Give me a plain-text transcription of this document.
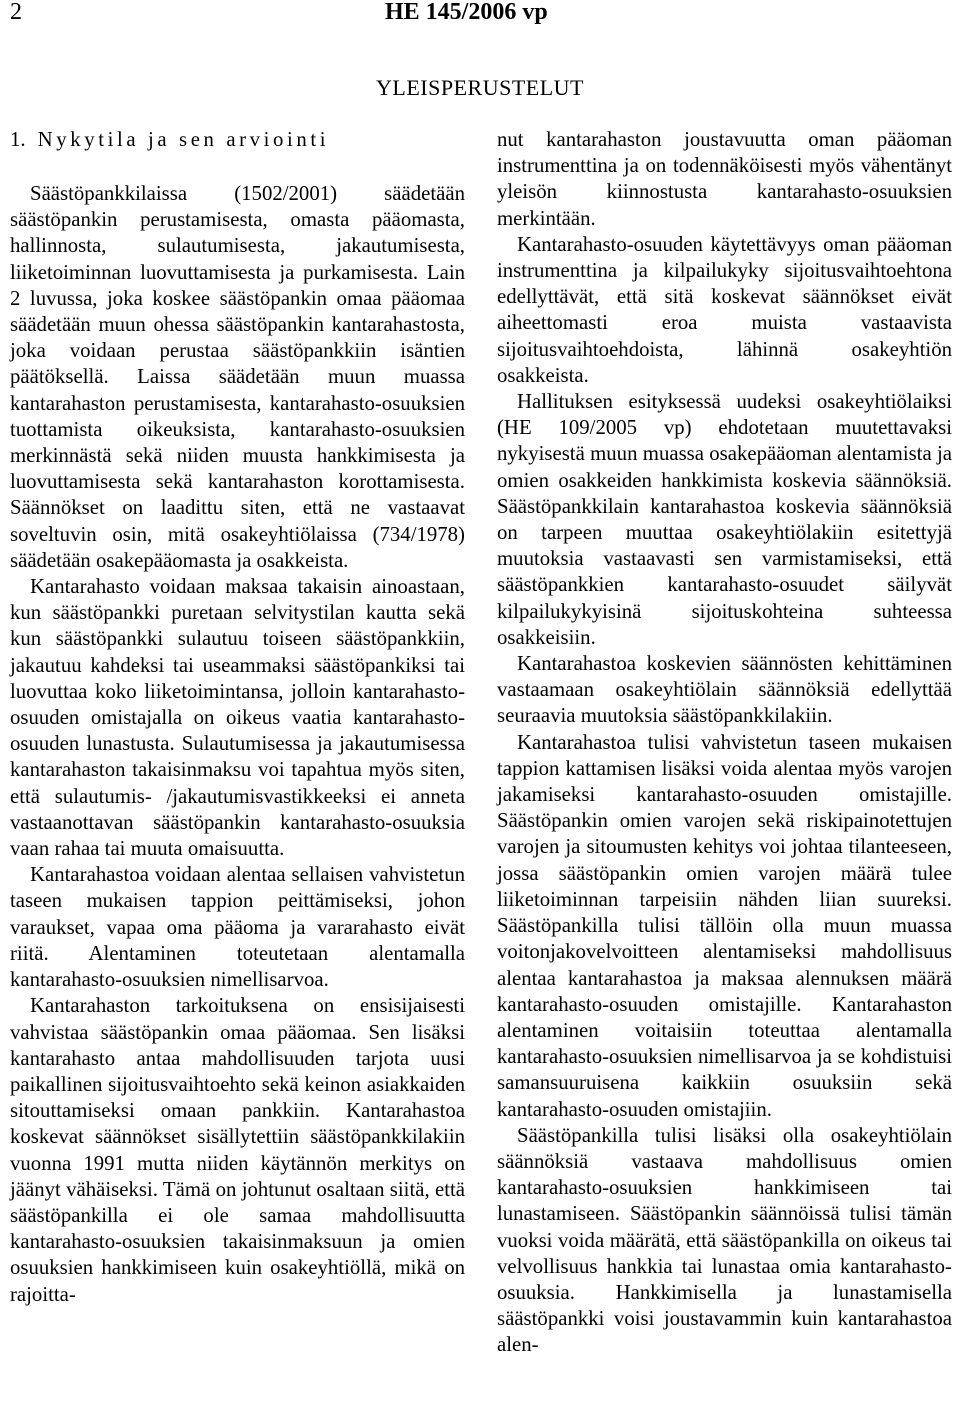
2	HE 145/2006 vp
YLEISPERUSTELUT
1. Nykytila ja sen arviointi

Säästöpankkilaissa (1502/2001) säädetään säästöpankin perustamisesta, omasta pääomasta, hallinnosta, sulautumisesta, jakautumisesta, liiketoiminnan luovuttamisesta ja purkamisesta. Lain 2 luvussa, joka koskee säästöpankin omaa pääomaa säädetään muun ohessa säästöpankin kantarahastosta, joka voidaan perustaa säästöpankkiin isäntien päätöksellä. Laissa säädetään muun muassa kantarahaston perustamisesta, kantarahasto-osuuksien tuottamista oikeuksista, kantarahasto-osuuksien merkinnästä sekä niiden muusta hankkimisesta ja luovuttamisesta sekä kantarahaston korottamisesta. Säännökset on laadittu siten, että ne vastaavat soveltuvin osin, mitä osakeyhtiölaissa (734/1978) säädetään osakepääomasta ja osakkeista.

Kantarahasto voidaan maksaa takaisin ainoastaan, kun säästöpankki puretaan selvitystilan kautta sekä kun säästöpankki sulautuu toiseen säästöpankkiin, jakautuu kahdeksi tai useammaksi säästöpankiksi tai luovuttaa koko liiketoimintansa, jolloin kantarahasto-osuuden omistajalla on oikeus vaatia kantarahasto-osuuden lunastusta. Sulautumisessa ja jakautumisessa kantarahaston takaisinmaksu voi tapahtua myös siten, että sulautumis- /jakautumisvastikkeeksi ei anneta vastaanottavan säästöpankin kantarahasto-osuuksia vaan rahaa tai muuta omaisuutta.

Kantarahastoa voidaan alentaa sellaisen vahvistetun taseen mukaisen tappion peittämiseksi, johon varaukset, vapaa oma pääoma ja vararahasto eivät riitä. Alentaminen toteutetaan alentamalla kantarahasto-osuuksien nimellisarvoa.

Kantarahaston tarkoituksena on ensisijaisesti vahvistaa säästöpankin omaa pääomaa. Sen lisäksi kantarahasto antaa mahdollisuuden tarjota uusi paikallinen sijoitusvaihtoehto sekä keinon asiakkaiden sitouttamiseksi omaan pankkiin. Kantarahastoa koskevat säännökset sisällytettiin säästöpankkilakiin vuonna 1991 mutta niiden käytännön merkitys on jäänyt vähäiseksi. Tämä on johtunut osaltaan siitä, että säästöpankilla ei ole samaa mahdollisuutta kantarahasto-osuuksien takaisinmaksuun ja omien osuuksien hankkimiseen kuin osakeyhtiöllä, mikä on rajoitta-

nut kantarahaston joustavuutta oman pääoman instrumenttina ja on todennäköisesti myös vähentänyt yleisön kiinnostusta kantarahasto-osuuksien merkintään.

Kantarahasto-osuuden käytettävyys oman pääoman instrumenttina ja kilpailukyky sijoitusvaihtoehtona edellyttävät, että sitä koskevat säännökset eivät aiheettomasti eroa muista vastaavista sijoitusvaihtoehdoista, lähinnä osakeyhtiön osakkeista.

Hallituksen esityksessä uudeksi osakeyhtiölaiksi (HE 109/2005 vp) ehdotetaan muutettavaksi nykyisestä muun muassa osakepääoman alentamista ja omien osakkeiden hankkimista koskevia säännöksiä. Säästöpankkilain kantarahastoa koskevia säännöksiä on tarpeen muuttaa osakeyhtiölakiin esitettyjä muutoksia vastaavasti sen varmistamiseksi, että säästöpankkien kantarahasto-osuudet säilyvät kilpailukykyisinä sijoituskohteina suhteessa osakkeisiin.

Kantarahastoa koskevien säännösten kehittäminen vastaamaan osakeyhtiölain säännöksiä edellyttää seuraavia muutoksia säästöpankkilakiin.

Kantarahastoa tulisi vahvistetun taseen mukaisen tappion kattamisen lisäksi voida alentaa myös varojen jakamiseksi kantarahasto-osuuden omistajille. Säästöpankin omien varojen sekä riskipainotettujen varojen ja sitoumusten kehitys voi johtaa tilanteeseen, jossa säästöpankin omien varojen määrä tulee liiketoiminnan tarpeisiin nähden liian suureksi. Säästöpankilla tulisi tällöin olla muun muassa voitonjakovelvoitteen alentamiseksi mahdollisuus alentaa kantarahastoa ja maksaa alennuksen määrä kantarahasto-osuuden omistajille. Kantarahaston alentaminen voitaisiin toteuttaa alentamalla kantarahasto-osuuksien nimellisarvoa ja se kohdistuisi samansuuruisena kaikkiin osuuksiin sekä kantarahasto-osuuden omistajiin.

Säästöpankilla tulisi lisäksi olla osakeyhtiölain säännöksiä vastaava mahdollisuus omien kantarahasto-osuuksien hankkimiseen tai lunastamiseen. Säästöpankin säännöissä tulisi tämän vuoksi voida määrätä, että säästöpankilla on oikeus tai velvollisuus hankkia tai lunastaa omia kantarahasto-osuuksia. Hankkimisella ja lunastamisella säästöpankki voisi joustavammin kuin kantarahastoa alen-
